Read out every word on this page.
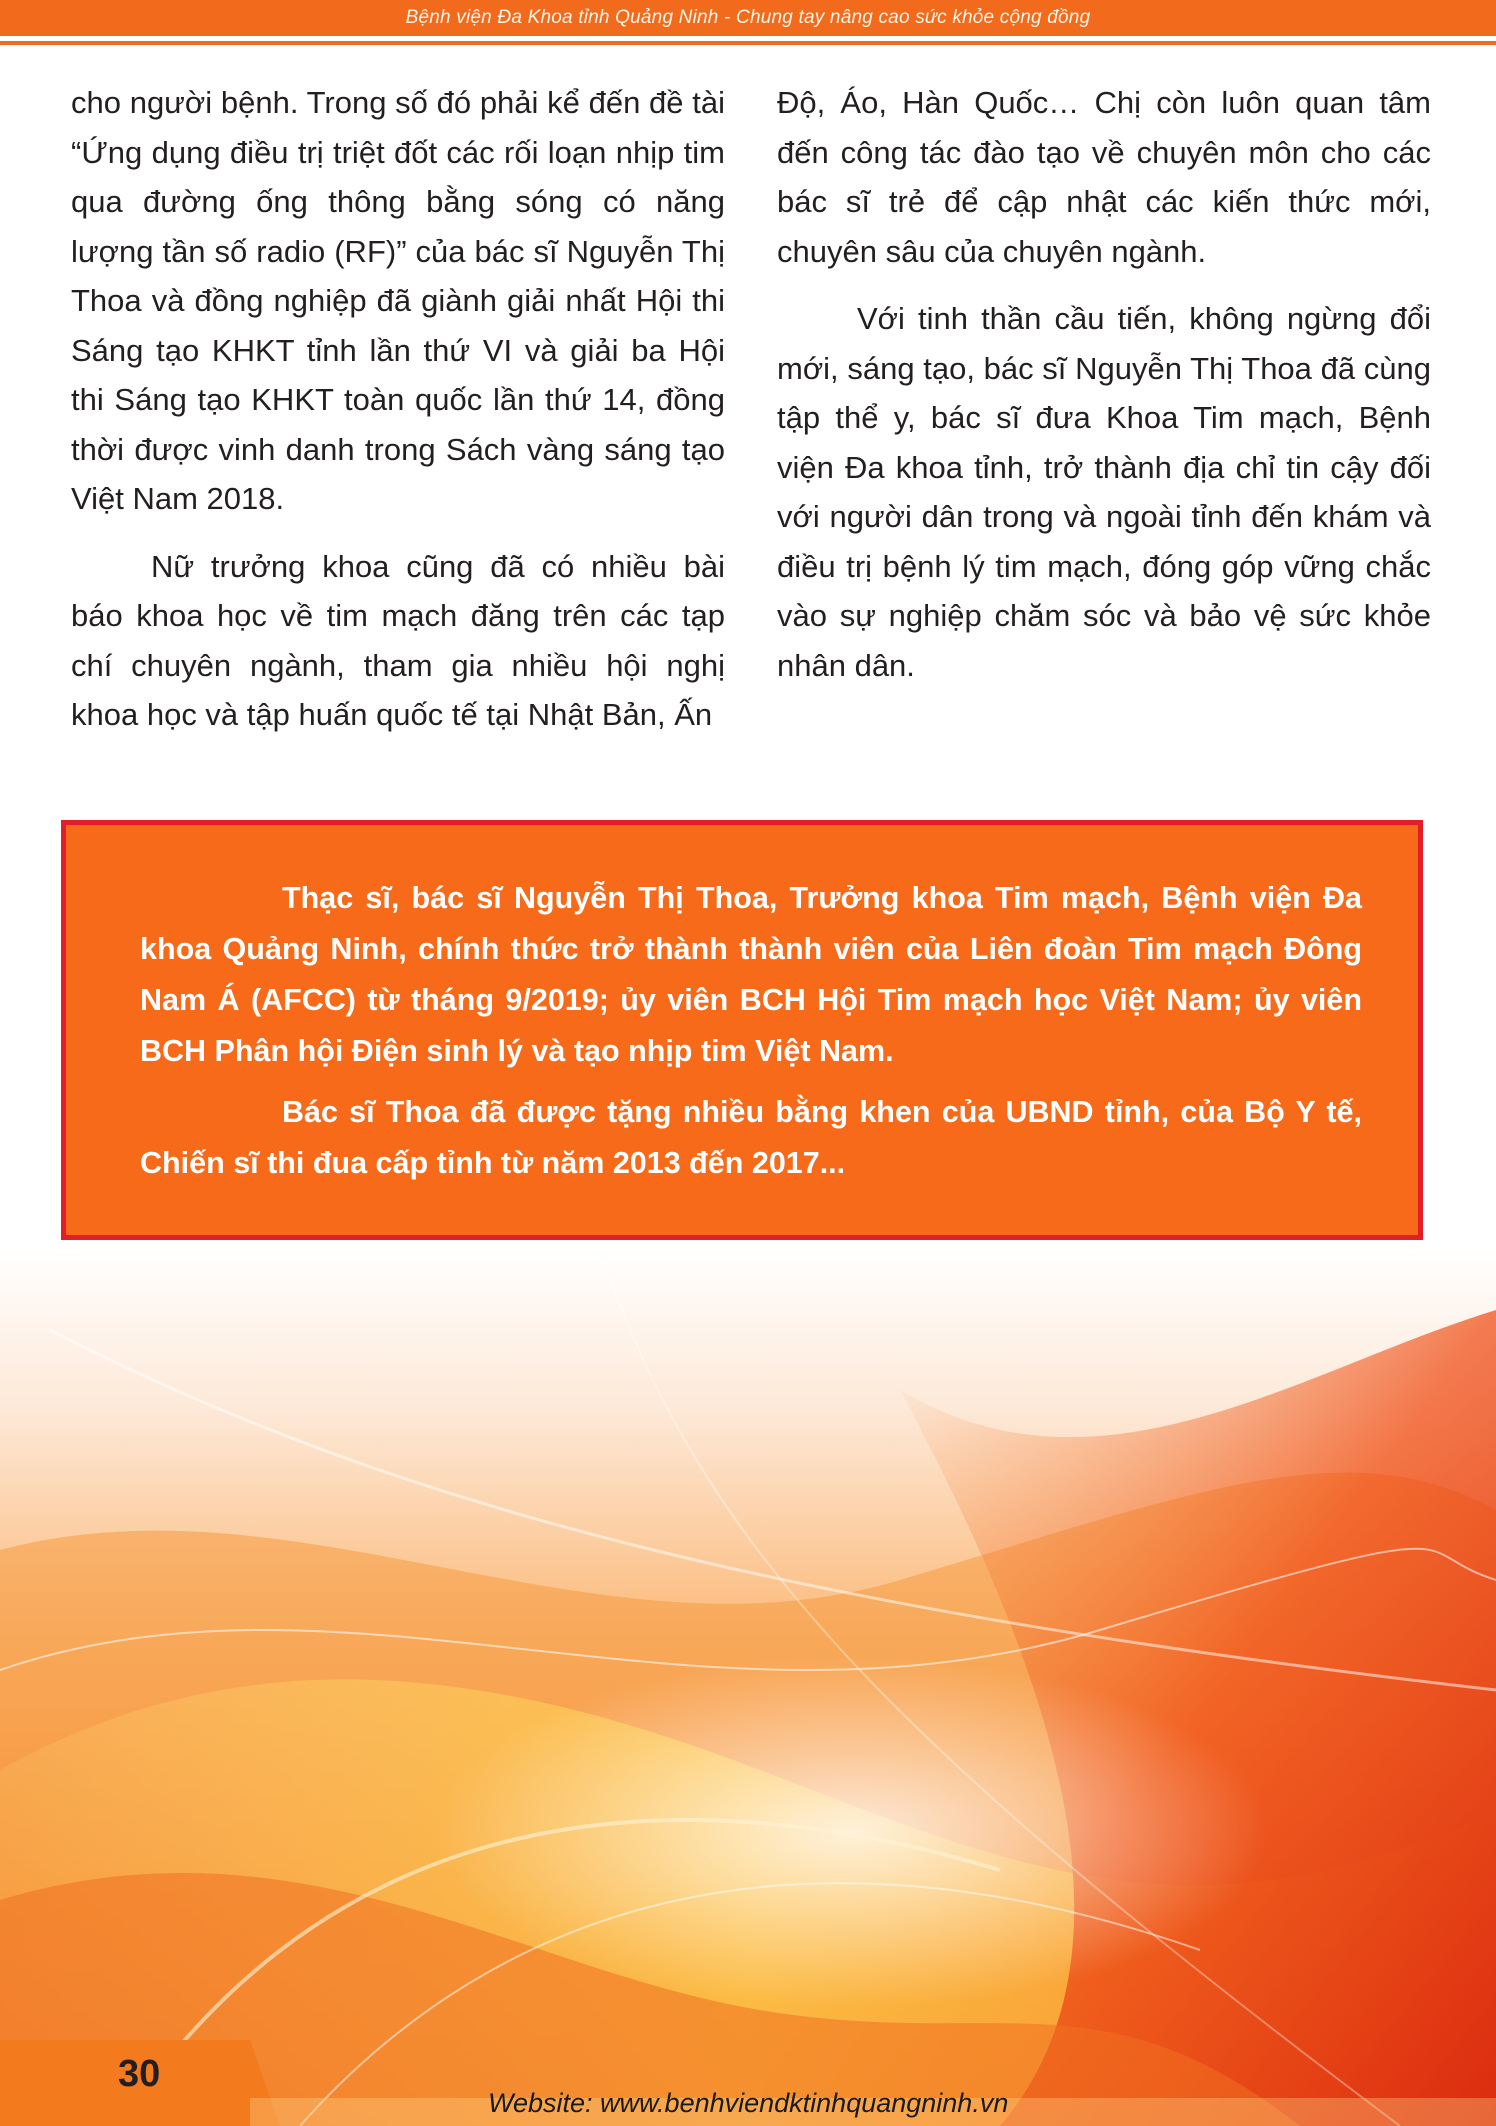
Bệnh viện Đa Khoa tỉnh Quảng Ninh - Chung tay nâng cao sức khỏe cộng đồng

cho người bệnh. Trong số đó phải kể đến đề tài “Ứng dụng điều trị triệt đốt các rối loạn nhịp tim qua đường ống thông bằng sóng có năng lượng tần số radio (RF)” của bác sĩ Nguyễn Thị Thoa và đồng nghiệp đã giành giải nhất Hội thi Sáng tạo KHKT tỉnh lần thứ VI và giải ba Hội thi Sáng tạo KHKT toàn quốc lần thứ 14, đồng thời được vinh danh trong Sách vàng sáng tạo Việt Nam 2018.

Nữ trưởng khoa cũng đã có nhiều bài báo khoa học về tim mạch đăng trên các tạp chí chuyên ngành, tham gia nhiều hội nghị khoa học và tập huấn quốc tế tại Nhật Bản, Ấn

Độ, Áo, Hàn Quốc… Chị còn luôn quan tâm đến công tác đào tạo về chuyên môn cho các bác sĩ trẻ để cập nhật các kiến thức mới, chuyên sâu của chuyên ngành.

Với tinh thần cầu tiến, không ngừng đổi mới, sáng tạo, bác sĩ Nguyễn Thị Thoa đã cùng tập thể y, bác sĩ đưa Khoa Tim mạch, Bệnh viện Đa khoa tỉnh, trở thành địa chỉ tin cậy đối với người dân trong và ngoài tỉnh đến khám và điều trị bệnh lý tim mạch, đóng góp vững chắc vào sự nghiệp chăm sóc và bảo vệ sức khỏe nhân dân.

Thạc sĩ, bác sĩ Nguyễn Thị Thoa, Trưởng khoa Tim mạch, Bệnh viện Đa khoa Quảng Ninh, chính thức trở thành thành viên của Liên đoàn Tim mạch Đông Nam Á (AFCC) từ tháng 9/2019; ủy viên BCH Hội Tim mạch học Việt Nam; ủy viên BCH Phân hội Điện sinh lý và tạo nhịp tim Việt Nam.

Bác sĩ Thoa đã được tặng nhiều bằng khen của UBND tỉnh, của Bộ Y tế, Chiến sĩ thi đua cấp tỉnh từ năm 2013 đến 2017...

30
Website: www.benhviendktinhquangninh.vn
